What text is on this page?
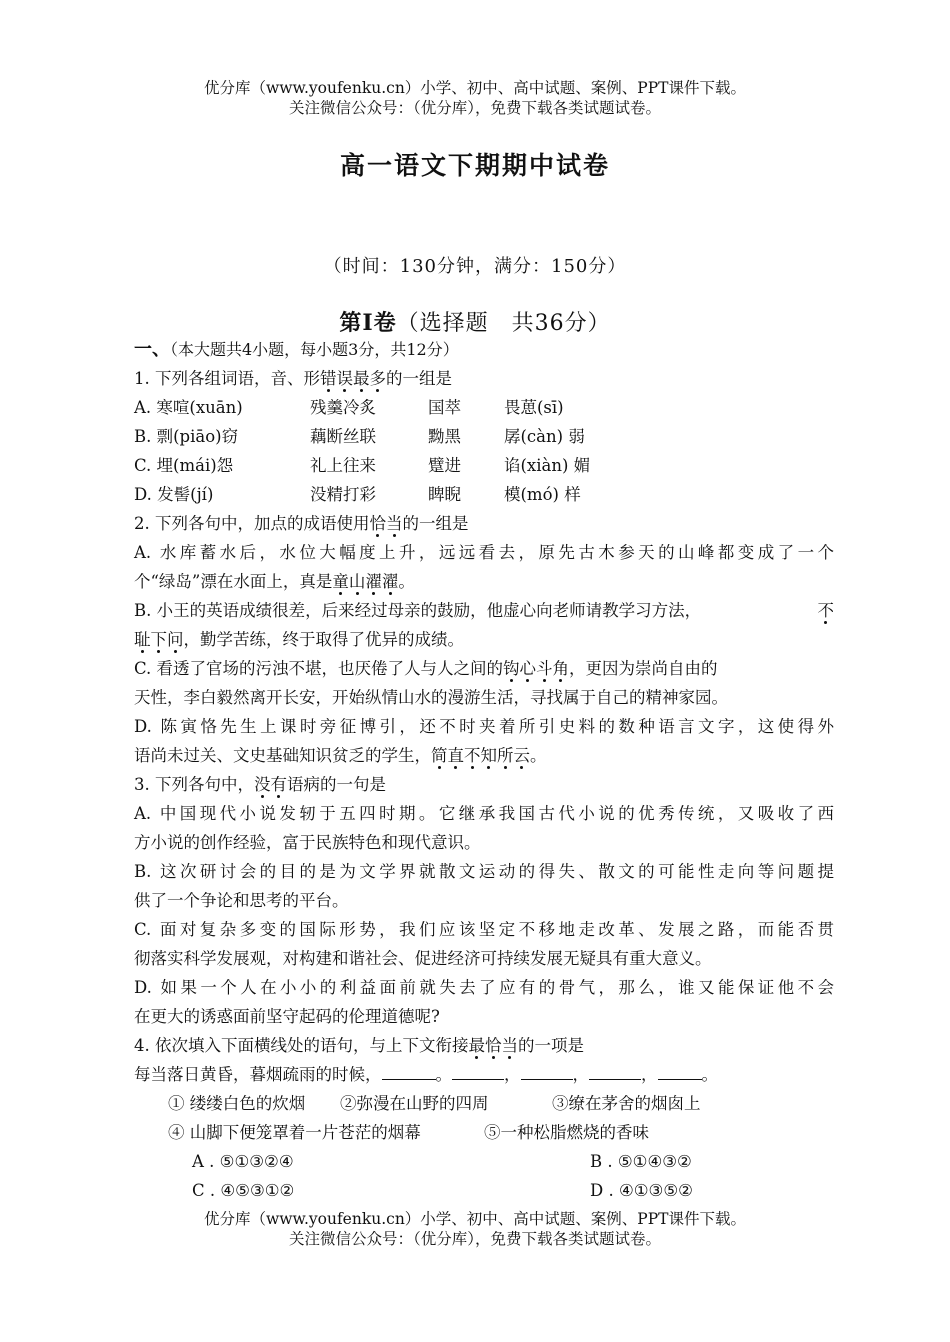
优分库（www.youfenku.cn）小学、初中、高中试题、案例、PPT课件下载。
关注微信公众号：（优分库），免费下载各类试题试卷。
高一语文下期期中试卷
（时间：130分钟，满分：150分）
第Ⅰ卷（选择题　共36分）
一、（本大题共4小题，每小题3分，共12分）
1. 下列各组词语，音、形错误最多的一组是
A. 寒喧(xuān)	残羹冷炙	国萃	畏葸(sī)
B. 剽(piāo)窃	藕断丝联	黝黑	孱(càn) 弱
C. 埋(mái)怨	礼上往来	躄进	谄(xiàn) 媚
D. 发髻(jí)	没精打彩	睥睨	模(mó) 样
2. 下列各句中，加点的成语使用恰当的一组是
A. 水库蓄水后，水位大幅度上升，远远看去，原先古木参天的山峰都变成了一个
个“绿岛”漂在水面上，真是童山濯濯。
B. 小王的英语成绩很差，后来经过母亲的鼓励，他虚心向老师请教学习方法，	不
耻下问，勤学苦练，终于取得了优异的成绩。
C. 看透了官场的污浊不堪，也厌倦了人与人之间的钩心斗角，更因为崇尚自由的
天性，李白毅然离开长安，开始纵情山水的漫游生活，寻找属于自己的精神家园。
D. 陈寅恪先生上课时旁征博引，还不时夹着所引史料的数种语言文字，这使得外
语尚未过关、文史基础知识贫乏的学生，简直不知所云。
3. 下列各句中，没有语病的一句是
A. 中国现代小说发轫于五四时期。它继承我国古代小说的优秀传统，又吸收了西
方小说的创作经验，富于民族特色和现代意识。
B. 这次研讨会的目的是为文学界就散文运动的得失、散文的可能性走向等问题提
供了一个争论和思考的平台。
C. 面对复杂多变的国际形势，我们应该坚定不移地走改革、发展之路，而能否贯
彻落实科学发展观，对构建和谐社会、促进经济可持续发展无疑具有重大意义。
D. 如果一个人在小小的利益面前就失去了应有的骨气，那么，谁又能保证他不会
在更大的诱惑面前坚守起码的伦理道德呢?
4. 依次填入下面横线处的语句，与上下文衔接最恰当的一项是
每当落日黄昏，暮烟疏雨的时候，	。	，	，	，	。
① 缕缕白色的炊烟 ②弥漫在山野的四周	③缭在茅舍的烟囱上
④ 山脚下便笼罩着一片苍茫的烟幕	⑤一种松脂燃烧的香味
A . ⑤①③②④	B . ⑤①④③②
C . ④⑤③①②	D . ④①③⑤②
优分库（www.youfenku.cn）小学、初中、高中试题、案例、PPT课件下载。
关注微信公众号：（优分库），免费下载各类试题试卷。
